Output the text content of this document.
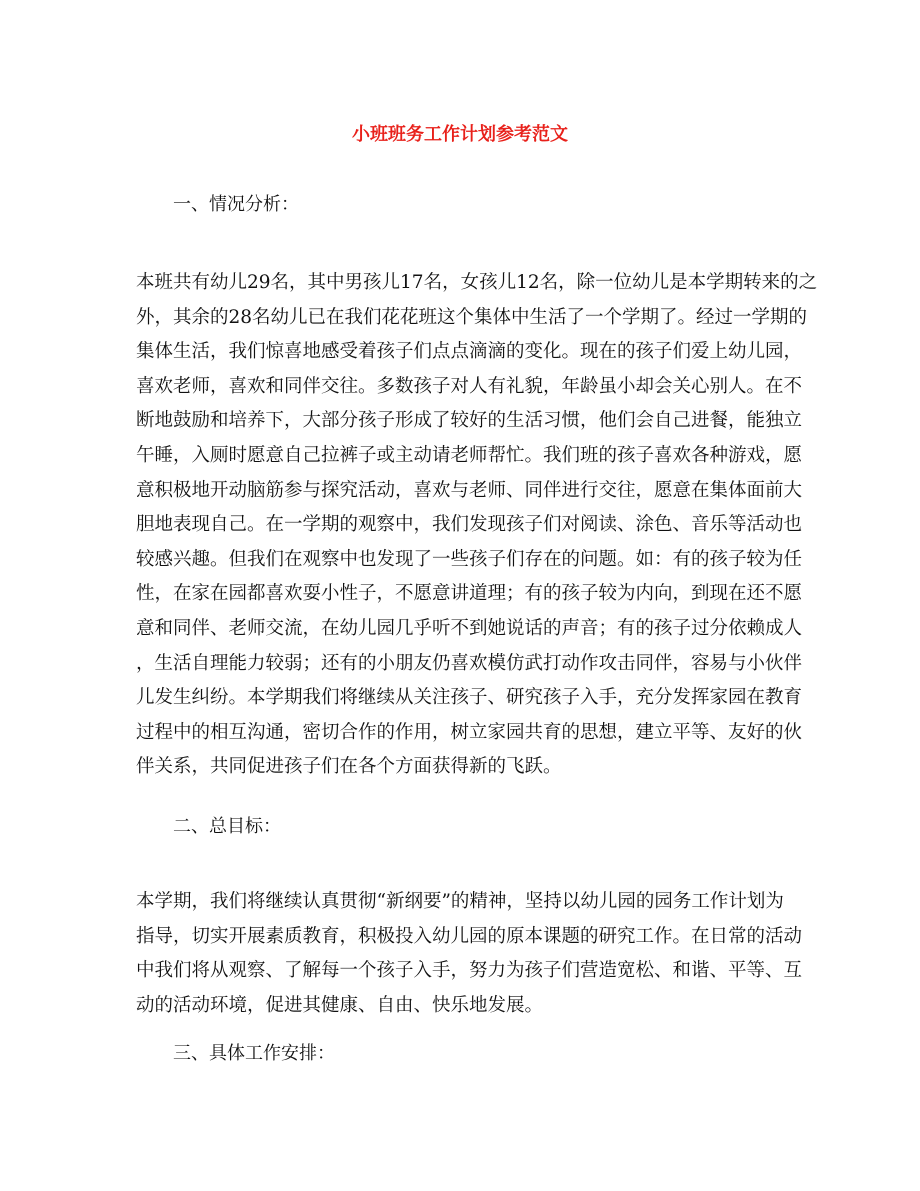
小班班务工作计划参考范文

一、情况分析：

本班共有幼儿29名，其中男孩儿17名，女孩儿12名，除一位幼儿是本学期转来的之
外，其余的28名幼儿已在我们花花班这个集体中生活了一个学期了。经过一学期的
集体生活，我们惊喜地感受着孩子们点点滴滴的变化。现在的孩子们爱上幼儿园，
喜欢老师，喜欢和同伴交往。多数孩子对人有礼貌，年龄虽小却会关心别人。在不
断地鼓励和培养下，大部分孩子形成了较好的生活习惯，他们会自己进餐，能独立
午睡，入厕时愿意自己拉裤子或主动请老师帮忙。我们班的孩子喜欢各种游戏，愿
意积极地开动脑筋参与探究活动，喜欢与老师、同伴进行交往，愿意在集体面前大
胆地表现自己。在一学期的观察中，我们发现孩子们对阅读、涂色、音乐等活动也
较感兴趣。但我们在观察中也发现了一些孩子们存在的问题。如：有的孩子较为任
性，在家在园都喜欢耍小性子，不愿意讲道理；有的孩子较为内向，到现在还不愿
意和同伴、老师交流，在幼儿园几乎听不到她说话的声音；有的孩子过分依赖成人
，生活自理能力较弱；还有的小朋友仍喜欢模仿武打动作攻击同伴，容易与小伙伴
儿发生纠纷。本学期我们将继续从关注孩子、研究孩子入手，充分发挥家园在教育
过程中的相互沟通，密切合作的作用，树立家园共育的思想，建立平等、友好的伙
伴关系，共同促进孩子们在各个方面获得新的飞跃。

二、总目标：

本学期，我们将继续认真贯彻“新纲要”的精神，坚持以幼儿园的园务工作计划为
指导，切实开展素质教育，积极投入幼儿园的原本课题的研究工作。在日常的活动
中我们将从观察、了解每一个孩子入手，努力为孩子们营造宽松、和谐、平等、互
动的活动环境，促进其健康、自由、快乐地发展。

三、具体工作安排：
